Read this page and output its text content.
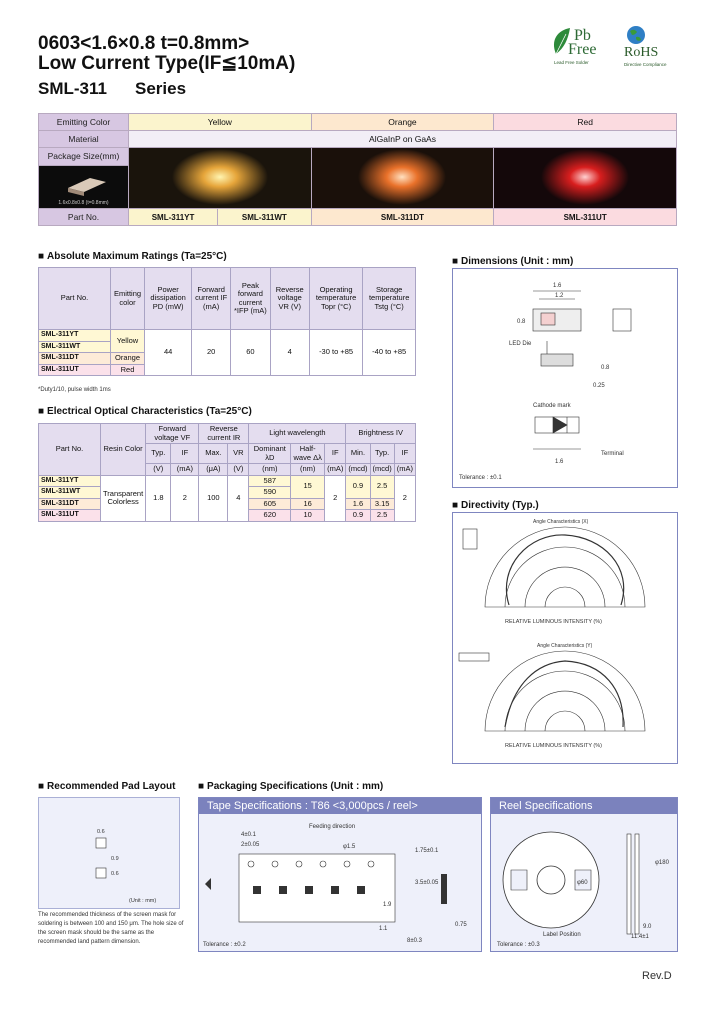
0603<1.6×0.8 t=0.8mm>
Low Current Type(IF≦10mA)
SML-311 Series
Pb
Free
Lead Free Solder
RoHS
Directive Compliance
Emitting Color	Yellow		Orange	Red
Material	AlGaInP on GaAs			
Package Size(mm)			

1.6x0.8x0.8 (t=0.8mm)				

Part No.	SML-311YT	SML-311WT	SML-311DT	SML-311UT
■ Absolute Maximum Ratings (Ta=25°C)
Part No.	Emitting color	Power dissipation PD (mW)	Forward current IF (mA)	Peak forward current *IFP (mA)	Reverse voltage VR (V)	Operating temperature Topr (°C)	Storage temperature Tstg (°C)
SML-311YT	Yellow	44	20	60	4	-30 to +85	-40 to +85
SML-311WT							
SML-311DT	Orange						
SML-311UT	Red						
*Duty1/10, pulse width 1ms
■ Electrical Optical Characteristics (Ta=25°C)
Part No.	Resin Color	Forward voltage VF		Reverse current IR		Light wavelength			Brightness IV		
		Typ.	IF	Max.	VR	Dominant λD	Half-wave Δλ	IF	Min.	Typ.	IF
		(V)	(mA)	(μA)	(V)	(nm)	(nm)	(mA)	(mcd)	(mcd)	(mA)
SML-311YT	Transparent Colorless	1.8	2	100	4	587	15	2	0.9	2.5	2
SML-311WT						590					
SML-311DT						605	16		1.6	3.15	
SML-311UT						620	10		0.9	2.5	
■ Dimensions (Unit : mm)
1.6
1.2
0.8
0.8
0.25
LED Die
Cathode mark
Terminal
1.6
Tolerance : ±0.1
■ Directivity (Typ.)
Angle Characteristics (X)
Angle Characteristics (Y)
RELATIVE LUMINOUS INTENSITY (%)
RELATIVE LUMINOUS INTENSITY (%)
■ Recommended Pad Layout
0.6
0.9
0.6
(Unit : mm)
The recommended thickness of the screen mask for soldering is between 100 and 150 μm. The hole size of the screen mask should be the same as the recommended land pattern dimension.
■ Packaging Specifications (Unit : mm)
Tape Specifications : T86 <3,000pcs / reel>
Feeding direction
4±0.1
2±0.05	φ1.5
1.75±0.1
3.5±0.05
8±0.3
1.1
0.75
1.9
Tolerance : ±0.2
Reel Specifications
φ180
φ60
9.0
11.4±1
Label Position
Tolerance : ±0.3
Rev.D
